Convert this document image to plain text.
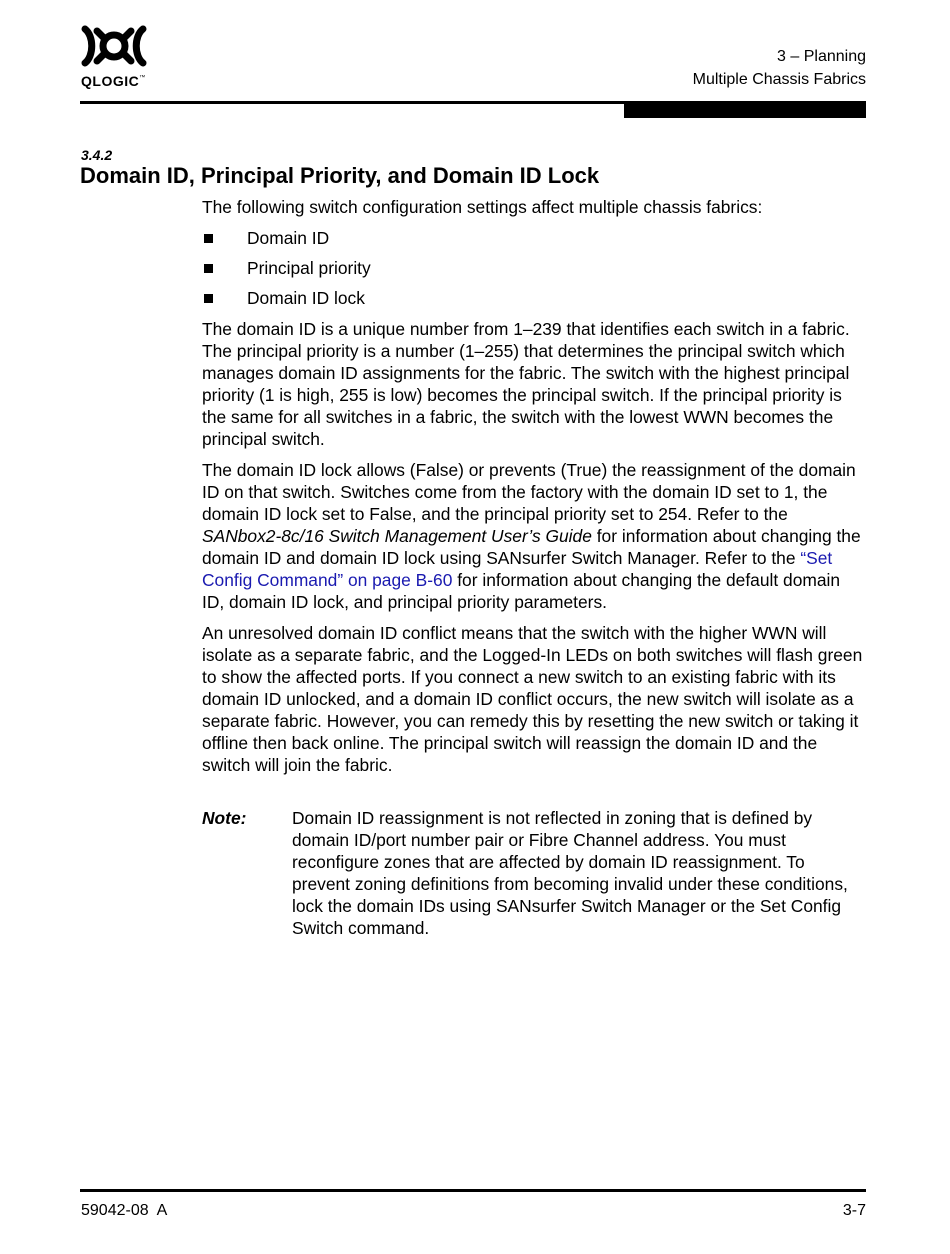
QLOGIC™
3 – Planning
Multiple Chassis Fabrics
3.4.2
Domain ID, Principal Priority, and Domain ID Lock

The following switch configuration settings affect multiple chassis fabrics:

Domain ID
Principal priority
Domain ID lock

The domain ID is a unique number from 1–239 that identifies each switch in a fabric. The principal priority is a number (1–255) that determines the principal switch which manages domain ID assignments for the fabric. The switch with the highest principal priority (1 is high, 255 is low) becomes the principal switch. If the principal priority is the same for all switches in a fabric, the switch with the lowest WWN becomes the principal switch.

The domain ID lock allows (False) or prevents (True) the reassignment of the domain ID on that switch. Switches come from the factory with the domain ID set to 1, the domain ID lock set to False, and the principal priority set to 254. Refer to the SANbox2-8c/16 Switch Management User’s Guide for information about changing the domain ID and domain ID lock using SANsurfer Switch Manager. Refer to the “Set Config Command” on page B-60 for information about changing the default domain ID, domain ID lock, and principal priority parameters.

An unresolved domain ID conflict means that the switch with the higher WWN will isolate as a separate fabric, and the Logged-In LEDs on both switches will flash green to show the affected ports. If you connect a new switch to an existing fabric with its domain ID unlocked, and a domain ID conflict occurs, the new switch will isolate as a separate fabric. However, you can remedy this by resetting the new switch or taking it offline then back online. The principal switch will reassign the domain ID and the switch will join the fabric.

Note:	Domain ID reassignment is not reflected in zoning that is defined by domain ID/port number pair or Fibre Channel address. You must reconfigure zones that are affected by domain ID reassignment. To prevent zoning definitions from becoming invalid under these conditions, lock the domain IDs using SANsurfer Switch Manager or the Set Config Switch command.
59042-08  A	3-7
